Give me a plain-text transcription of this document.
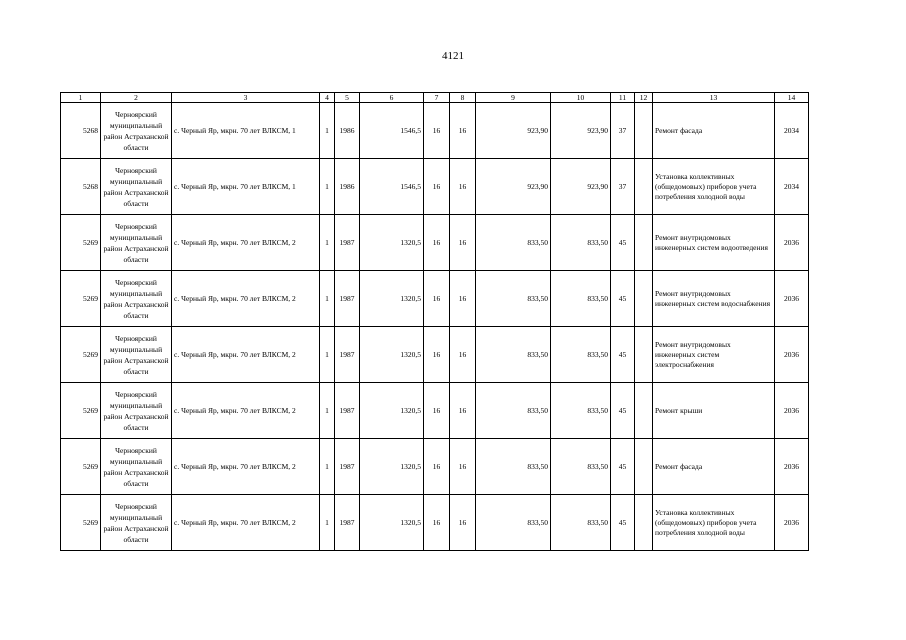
4121
1	2	3	4	5	6	7	8	9	10	11	12	13	14
5268	Черноярский муниципальный район Астраханской области	с. Черный Яр, мкрн. 70 лет ВЛКСМ, 1	1	1986	1546,5	16	16	923,90	923,90	37		Ремонт фасада	2034
5268	Черноярский муниципальный район Астраханской области	с. Черный Яр, мкрн. 70 лет ВЛКСМ, 1	1	1986	1546,5	16	16	923,90	923,90	37		Установка коллективных (общедомовых) приборов учета потребления холодной воды	2034
5269	Черноярский муниципальный район Астраханской области	с. Черный Яр, мкрн. 70 лет ВЛКСМ, 2	1	1987	1320,5	16	16	833,50	833,50	45		Ремонт внутридомовых инженерных систем водоотведения	2036
5269	Черноярский муниципальный район Астраханской области	с. Черный Яр, мкрн. 70 лет ВЛКСМ, 2	1	1987	1320,5	16	16	833,50	833,50	45		Ремонт внутридомовых инженерных систем водоснабжения	2036
5269	Черноярский муниципальный район Астраханской области	с. Черный Яр, мкрн. 70 лет ВЛКСМ, 2	1	1987	1320,5	16	16	833,50	833,50	45		Ремонт внутридомовых инженерных систем электроснабжения	2036
5269	Черноярский муниципальный район Астраханской области	с. Черный Яр, мкрн. 70 лет ВЛКСМ, 2	1	1987	1320,5	16	16	833,50	833,50	45		Ремонт крыши	2036
5269	Черноярский муниципальный район Астраханской области	с. Черный Яр, мкрн. 70 лет ВЛКСМ, 2	1	1987	1320,5	16	16	833,50	833,50	45		Ремонт фасада	2036
5269	Черноярский муниципальный район Астраханской области	с. Черный Яр, мкрн. 70 лет ВЛКСМ, 2	1	1987	1320,5	16	16	833,50	833,50	45		Установка коллективных (общедомовых) приборов учета потребления холодной воды	2036
